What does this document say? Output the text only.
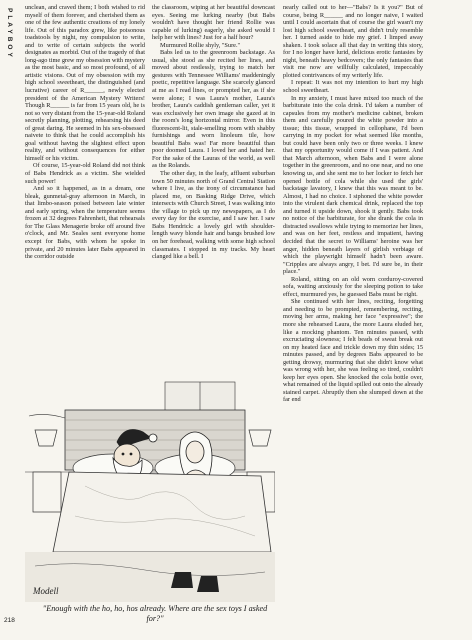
PLAYBOY

unclean, and craved them; I both wished to rid myself of them forever, and cherished them as one of the few authentic creations of my lonely life. Out of this paradox grew, like poisonous toadstools by night, my compulsion to write, and to write of certain subjects the world designates as morbid. Out of the tragedy of that long-ago time grew my obsession with mystery as the most basic, and so most profound, of all artistic visions. Out of my obsession with my high school sweetheart, the distinguished (and lucrative) career of R______, newly elected president of the American Mystery Writers! Though R______ is far from 15 years old, he is not so very distant from the 15-year-old Roland secretly planning, plotting, rehearsing his deed of great daring. He seemed in his sex-obsessed naivete to think that he could accomplish his goal without having the slightest effect upon reality, and without consequences for either himself or his victim.

Of course, 15-year-old Roland did not think of Babs Hendrick as a victim. She wielded such power!

And so it happened, as in a dream, one bleak, gunmetal-gray afternoon in March, in that limbo-season poised between late winter and early spring, when the temperature seems frozen at 32 degrees Fahrenheit, that rehearsals for The Glass Menagerie broke off around five o'clock, and Mr. Seales sent everyone home except for Babs, with whom he spoke in private, and 20 minutes later Babs appeared in the corridor outside

the classroom, wiping at her beautiful downcast eyes. Seeing me lurking nearby (but Babs wouldn't have thought her friend Rollie was capable of lurking) eagerly, she asked would I help her with lines? Just for a half hour?

Murmured Rollie shyly, "Sure."

Babs led us to the greenroom backstage. As usual, she stood as she recited her lines, and moved about restlessly, trying to match her gestures with Tennessee Williams' maddeningly poetic, repetitive language. She scarcely glanced at me as I read lines, or prompted her, as if she were alone; I was Laura's mother, Laura's brother, Laura's caddish gentleman caller, yet it was exclusively her own image she gazed at in the room's long horizontal mirror. Even in this fluorescent-lit, stale-smelling room with shabby furnishings and worn linoleum tile, how beautiful Babs was! Far more beautiful than poor doomed Laura. I loved her and hated her. For the sake of the Lauras of the world, as well as the Rolands.

The other day, in the leafy, affluent suburban town 50 minutes north of Grand Central Station where I live, as the irony of circumstance had placed me, on Basking Ridge Drive, which intersects with Church Street, I was walking into the village to pick up my newspapers, as I do every day for the exercise, and I saw her. I saw Babs Hendrick: a lovely girl with shoulder-length wavy blonde hair and bangs brushed low on her forehead, walking with some high school classmates. I stopped in my tracks. My heart clanged like a bell. I

nearly called out to her—"Babs? Is it you?" But of course, being R______ and no longer naive, I waited until I could ascertain that of course the girl wasn't my lost high school sweetheart, and didn't truly resemble her. I turned aside to hide my grief. I limped away shaken. I took solace all that day in writing this story, for I no longer have lurid, delicious erotic fantasies by night, beneath heavy bedcovers; the only fantasies that visit me now are willfully calculated, impeccably plotted contrivances of my writerly life.

I repeat: It was not my intention to hurt my high school sweetheart.

In my anxiety, I must have mixed too much of the barbiturate into the cola drink. I'd taken a number of capsules from my mother's medicine cabinet, broken them and carefully poured the white powder into a tissue; this tissue, wrapped in cellophane, I'd been carrying in my pocket for what seemed like months, but could have been only two or three weeks. I knew that my opportunity would come if I was patient. And that March afternoon, when Babs and I were alone together in the greenroom, and no one near, and no one knowing us, and she sent me to her locker to fetch her opened bottle of cola while she used the girls' backstage lavatory, I knew that this was meant to be. Almost, I had no choice. I siphoned the white powder into the virulent dark chemical drink, replaced the top and turned it upside down, shook it gently. Babs took no notice of the barbiturate, for she drank the cola in distracted swallows while trying to memorize her lines, and was on her feet, restless and impatient, having decided that the secret to Williams' heroine was her anger, hidden beneath layers of girlish verbiage of which the playwright himself hadn't been aware. "Cripples are always angry, I bet. I'd sure be, in their place."

Roland, sitting on an old worn corduroy-covered sofa, waiting anxiously for the sleeping potion to take effect, murmured yes, he guessed Babs must be right.

She continued with her lines, reciting, forgetting and needing to be prompted, remembering, reciting, moving her arms, making her face "expressive"; the more she rehearsed Laura, the more Laura eluded her, like a mocking phantom. Ten minutes passed, with excruciating slowness; I felt beads of sweat break out on my heated face and trickle down my thin sides; 15 minutes passed, and by degrees Babs appeared to be getting drowsy, murmuring that she didn't know what was wrong with her, she was feeling so tired, couldn't keep her eyes open. She knocked the cola bottle over, what remained of the liquid spilled out onto the already stained carpet. Abruptly then she slumped down at the far end

Modell
"Enough with the ho, ho, hos already. Where are the sex toys I asked for?"
218
